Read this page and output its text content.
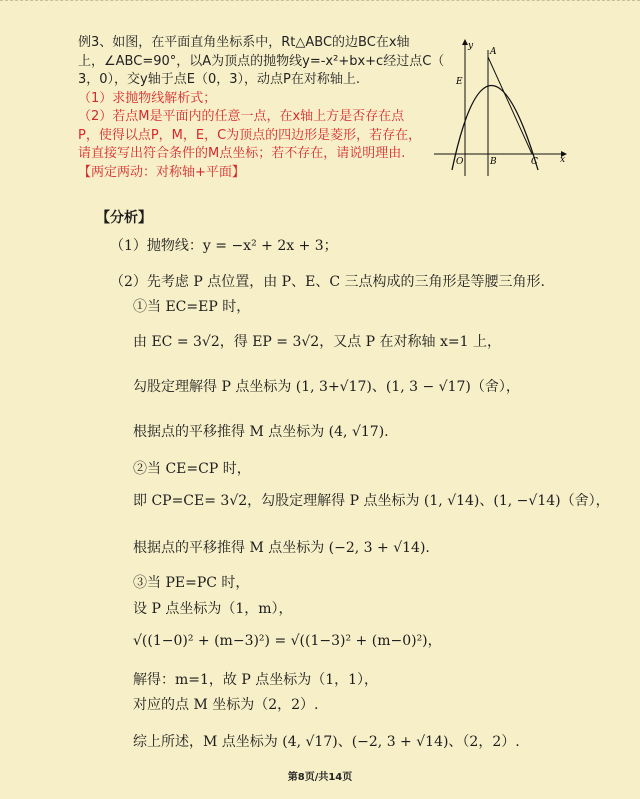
例3、如图，在平面直角坐标系中，Rt△ABC的边BC在x轴
上，∠ABC=90°，以A为顶点的抛物线y=-x²+bx+c经过点C（
3，0），交y轴于点E（0，3），动点P在对称轴上.
（1）求抛物线解析式；
（2）若点M是平面内的任意一点，在x轴上方是否存在点
P，使得以点P，M，E，C为顶点的四边形是菱形，若存在，
请直接写出符合条件的M点坐标；若不存在，请说明理由.
【两定两动：对称轴+平面】
y
x
A
E
O	B	C
【分析】
（1）抛物线：y = −x² + 2x + 3；
（2）先考虑 P 点位置，由 P、E、C 三点构成的三角形是等腰三角形.
①当 EC=EP 时，
由 EC = 3√2，得 EP = 3√2，又点 P 在对称轴 x=1 上，
勾股定理解得 P 点坐标为 (1, 3+√17)、(1, 3 − √17)（舍），
根据点的平移推得 M 点坐标为 (4, √17).
②当 CE=CP 时，
即 CP=CE= 3√2，勾股定理解得 P 点坐标为 (1, √14)、(1, −√14)（舍），
根据点的平移推得 M 点坐标为 (−2, 3 + √14).
③当 PE=PC 时，
设 P 点坐标为（1，m），
√((1−0)² + (m−3)²) = √((1−3)² + (m−0)²)，
解得：m=1，故 P 点坐标为（1，1），
对应的点 M 坐标为（2，2）.
综上所述，M 点坐标为 (4, √17)、(−2, 3 + √14)、（2，2）.
第8页/共14页
